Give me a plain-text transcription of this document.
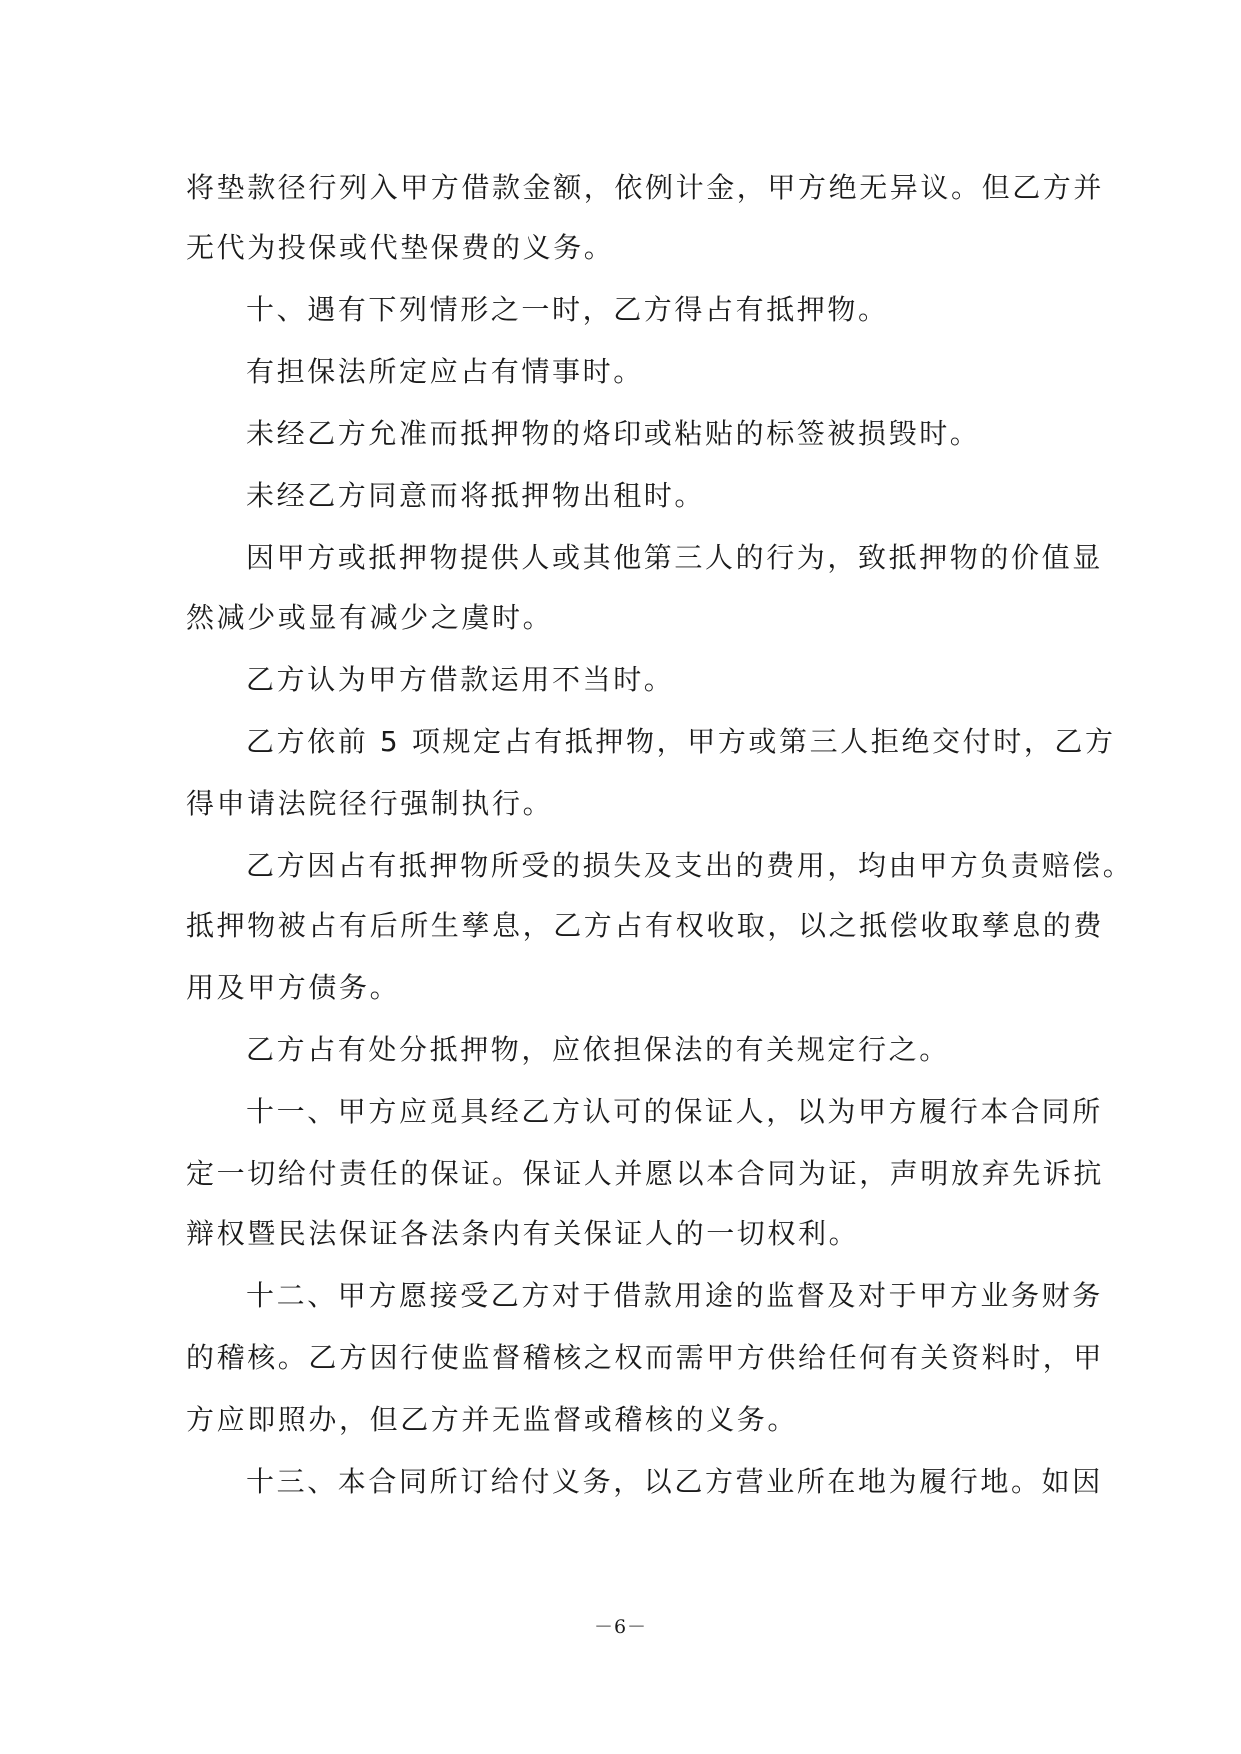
将垫款径行列入甲方借款金额，依例计金，甲方绝无异议。但乙方并
无代为投保或代垫保费的义务。
十、遇有下列情形之一时，乙方得占有抵押物。
有担保法所定应占有情事时。
未经乙方允准而抵押物的烙印或粘贴的标签被损毁时。
未经乙方同意而将抵押物出租时。
因甲方或抵押物提供人或其他第三人的行为，致抵押物的价值显
然减少或显有减少之虞时。
乙方认为甲方借款运用不当时。
乙方依前 5 项规定占有抵押物，甲方或第三人拒绝交付时，乙方
得申请法院径行强制执行。
乙方因占有抵押物所受的损失及支出的费用，均由甲方负责赔偿。
抵押物被占有后所生孳息，乙方占有权收取，以之抵偿收取孳息的费
用及甲方债务。
乙方占有处分抵押物，应依担保法的有关规定行之。
十一、甲方应觅具经乙方认可的保证人，以为甲方履行本合同所
定一切给付责任的保证。保证人并愿以本合同为证，声明放弃先诉抗
辩权暨民法保证各法条内有关保证人的一切权利。
十二、甲方愿接受乙方对于借款用途的监督及对于甲方业务财务
的稽核。乙方因行使监督稽核之权而需甲方供给任何有关资料时，甲
方应即照办，但乙方并无监督或稽核的义务。
十三、本合同所订给付义务，以乙方营业所在地为履行地。如因
－6－
